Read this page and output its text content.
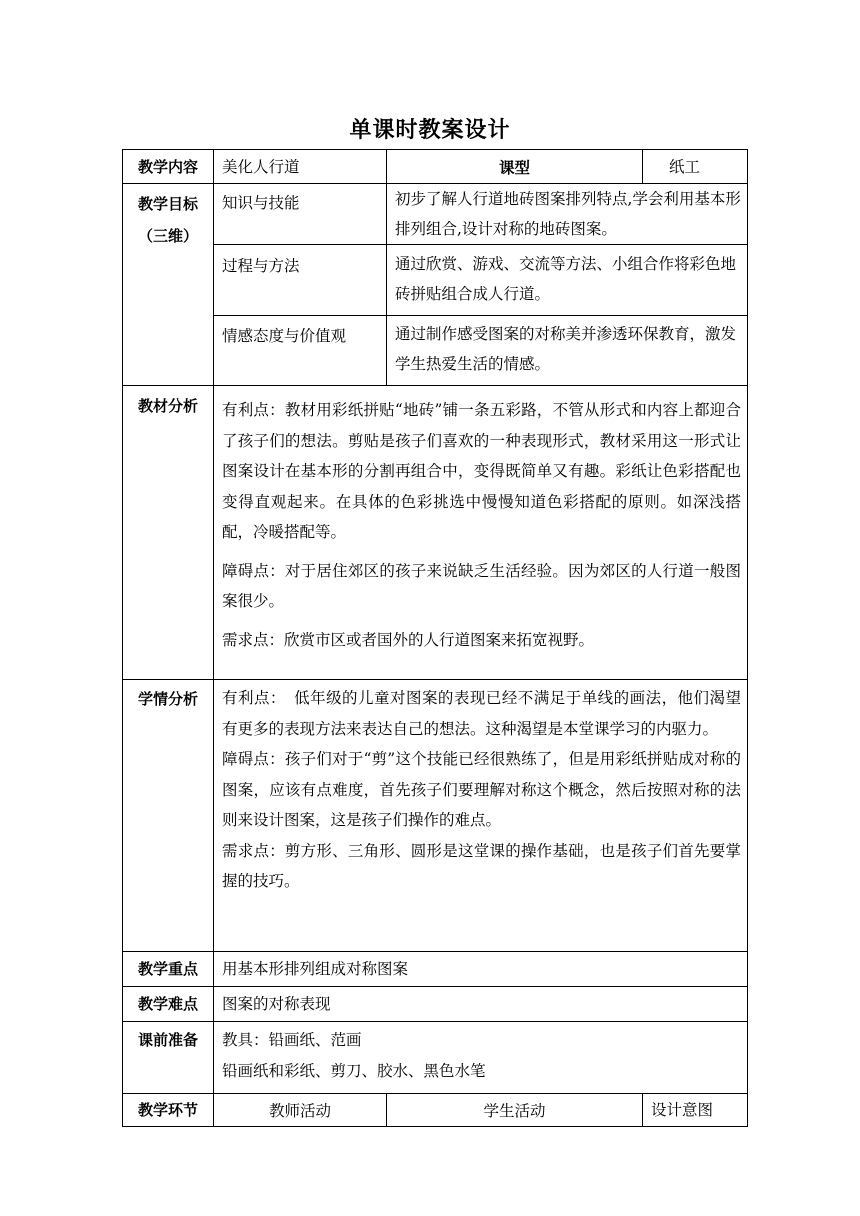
单课时教案设计
教学内容	美化人行道	课型	纸工

教学目标
（三维）	知识与技能	初步了解人行道地砖图案排列特点,学会利用基本形排列组合,设计对称的地砖图案。	
	过程与方法	通过欣赏、游戏、交流等方法、小组合作将彩色地砖拼贴组合成人行道。	
	情感态度与价值观	通过制作感受图案的对称美并渗透环保教育，激发学生热爱生活的情感。	
教材分析	有利点：教材用彩纸拼贴“地砖”铺一条五彩路，不管从形式和内容上都迎合了孩子们的想法。剪贴是孩子们喜欢的一种表现形式，教材采用这一形式让图案设计在基本形的分割再组合中，变得既简单又有趣。彩纸让色彩搭配也变得直观起来。在具体的色彩挑选中慢慢知道色彩搭配的原则。如深浅搭配，冷暖搭配等。

障碍点：对于居住郊区的孩子来说缺乏生活经验。因为郊区的人行道一般图案很少。

需求点：欣赏市区或者国外的人行道图案来拓宽视野。		

学情分析	有利点：　低年级的儿童对图案的表现已经不满足于单线的画法，他们渴望有更多的表现方法来表达自己的想法。这种渴望是本堂课学习的内驱力。

障碍点：孩子们对于“剪”这个技能已经很熟练了，但是用彩纸拼贴成对称的图案，应该有点难度，首先孩子们要理解对称这个概念，然后按照对称的法则来设计图案，这是孩子们操作的难点。

需求点：剪方形、三角形、圆形是这堂课的操作基础，也是孩子们首先要掌握的技巧。		

教学重点	用基本形排列组成对称图案		
教学难点	图案的对称表现		
课前准备	教具：铅画纸、范画
铅画纸和彩纸、剪刀、胶水、黑色水笔		

教学环节	教师活动	学生活动	设计意图
